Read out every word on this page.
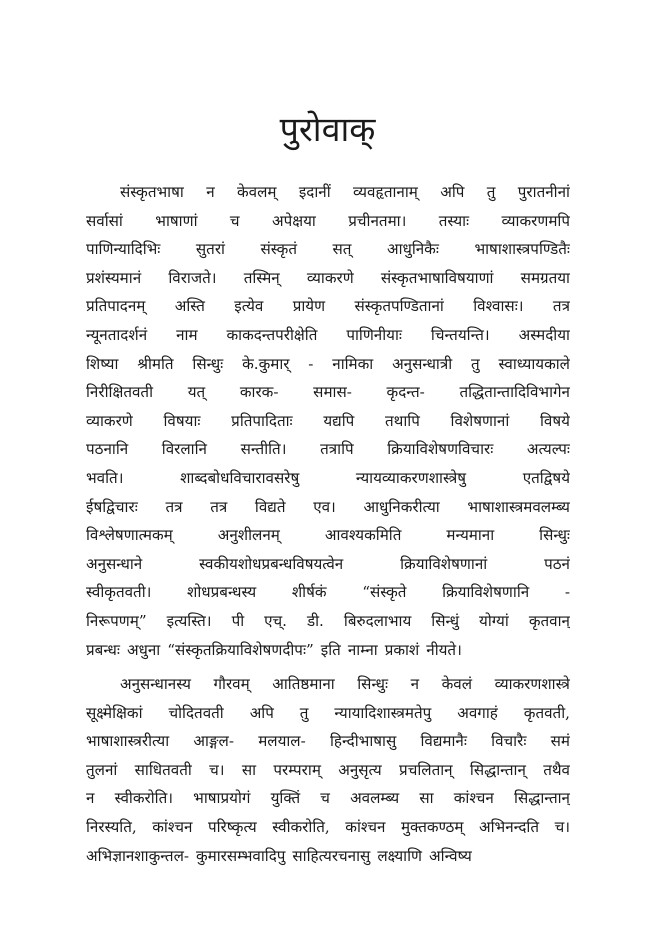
पुरोवाक्
संस्कृतभाषा न केवलम् इदानीं व्यवहृतानाम् अपि तु पुरातनीनां
सर्वासां भाषाणां च अपेक्षया प्रचीनतमा। तस्याः व्याकरणमपि
पाणिन्यादिभिः सुतरां संस्कृतं सत् आधुनिकैः भाषाशास्त्रपण्डितैः
प्रशंस्यमानं विराजते। तस्मिन् व्याकरणे संस्कृतभाषाविषयाणां समग्रतया
प्रतिपादनम् अस्ति इत्येव प्रायेण संस्कृतपण्डितानां विश्वासः। तत्र
न्यूनतादर्शनं नाम काकदन्तपरीक्षेति पाणिनीयाः चिन्तयन्ति। अस्मदीया
शिष्या श्रीमति सिन्धुः के.कुमार् - नामिका अनुसन्धात्री तु स्वाध्यायकाले
निरीक्षितवती यत् कारक- समास- कृदन्त- तद्धितान्तादिविभागेन
व्याकरणे विषयाः प्रतिपादिताः यद्यपि तथापि विशेषणानां विषये
पठनानि विरलानि सन्तीति। तत्रापि क्रियाविशेषणविचारः अत्यल्पः
भवति।	शाब्दबोधविचारावसरेषु	न्यायव्याकरणशास्त्रेषु	एतद्विषये
ईषद्विचारः तत्र तत्र विद्यते एव। आधुनिकरीत्या भाषाशास्त्रमवलम्ब्य
विश्लेषणात्मकम्	अनुशीलनम्	आवश्यकमिति	मन्यमाना	सिन्धुः
अनुसन्धाने	स्वकीयशोधप्रबन्धविषयत्वेन	क्रियाविशेषणानां	पठनं
स्वीकृतवती। शोधप्रबन्धस्य शीर्षकं “संस्कृते क्रियाविशेषणानि -
निरूपणम्” इत्यस्ति। पी एच्. डी. बिरुदलाभाय सिन्धुं योग्यां कृतवान्
प्रबन्धः अधुना “संस्कृतक्रियाविशेषणदीपः” इति नाम्ना प्रकाशं नीयते।
अनुसन्धानस्य गौरवम् आतिष्ठमाना सिन्धुः न केवलं व्याकरणशास्त्रे
सूक्ष्मेक्षिकां चोदितवती अपि तु न्यायादिशास्त्रमतेपु अवगाहं कृतवती,
भाषाशास्त्ररीत्या आङ्गल- मलयाल- हिन्दीभाषासु विद्यमानैः विचारैः समं
तुलनां साधितवती च। सा परम्पराम् अनुसृत्य प्रचलितान् सिद्धान्तान् तथैव
न स्वीकरोति। भाषाप्रयोगं युक्तिं च अवलम्ब्य सा कांश्चन सिद्धान्तान्
निरस्यति, कांश्चन परिष्कृत्य स्वीकरोति, कांश्चन मुक्तकण्ठम् अभिनन्दति च।
अभिज्ञानशाकुन्तल- कुमारसम्भवादिपु साहित्यरचनासु लक्ष्याणि अन्विष्य
